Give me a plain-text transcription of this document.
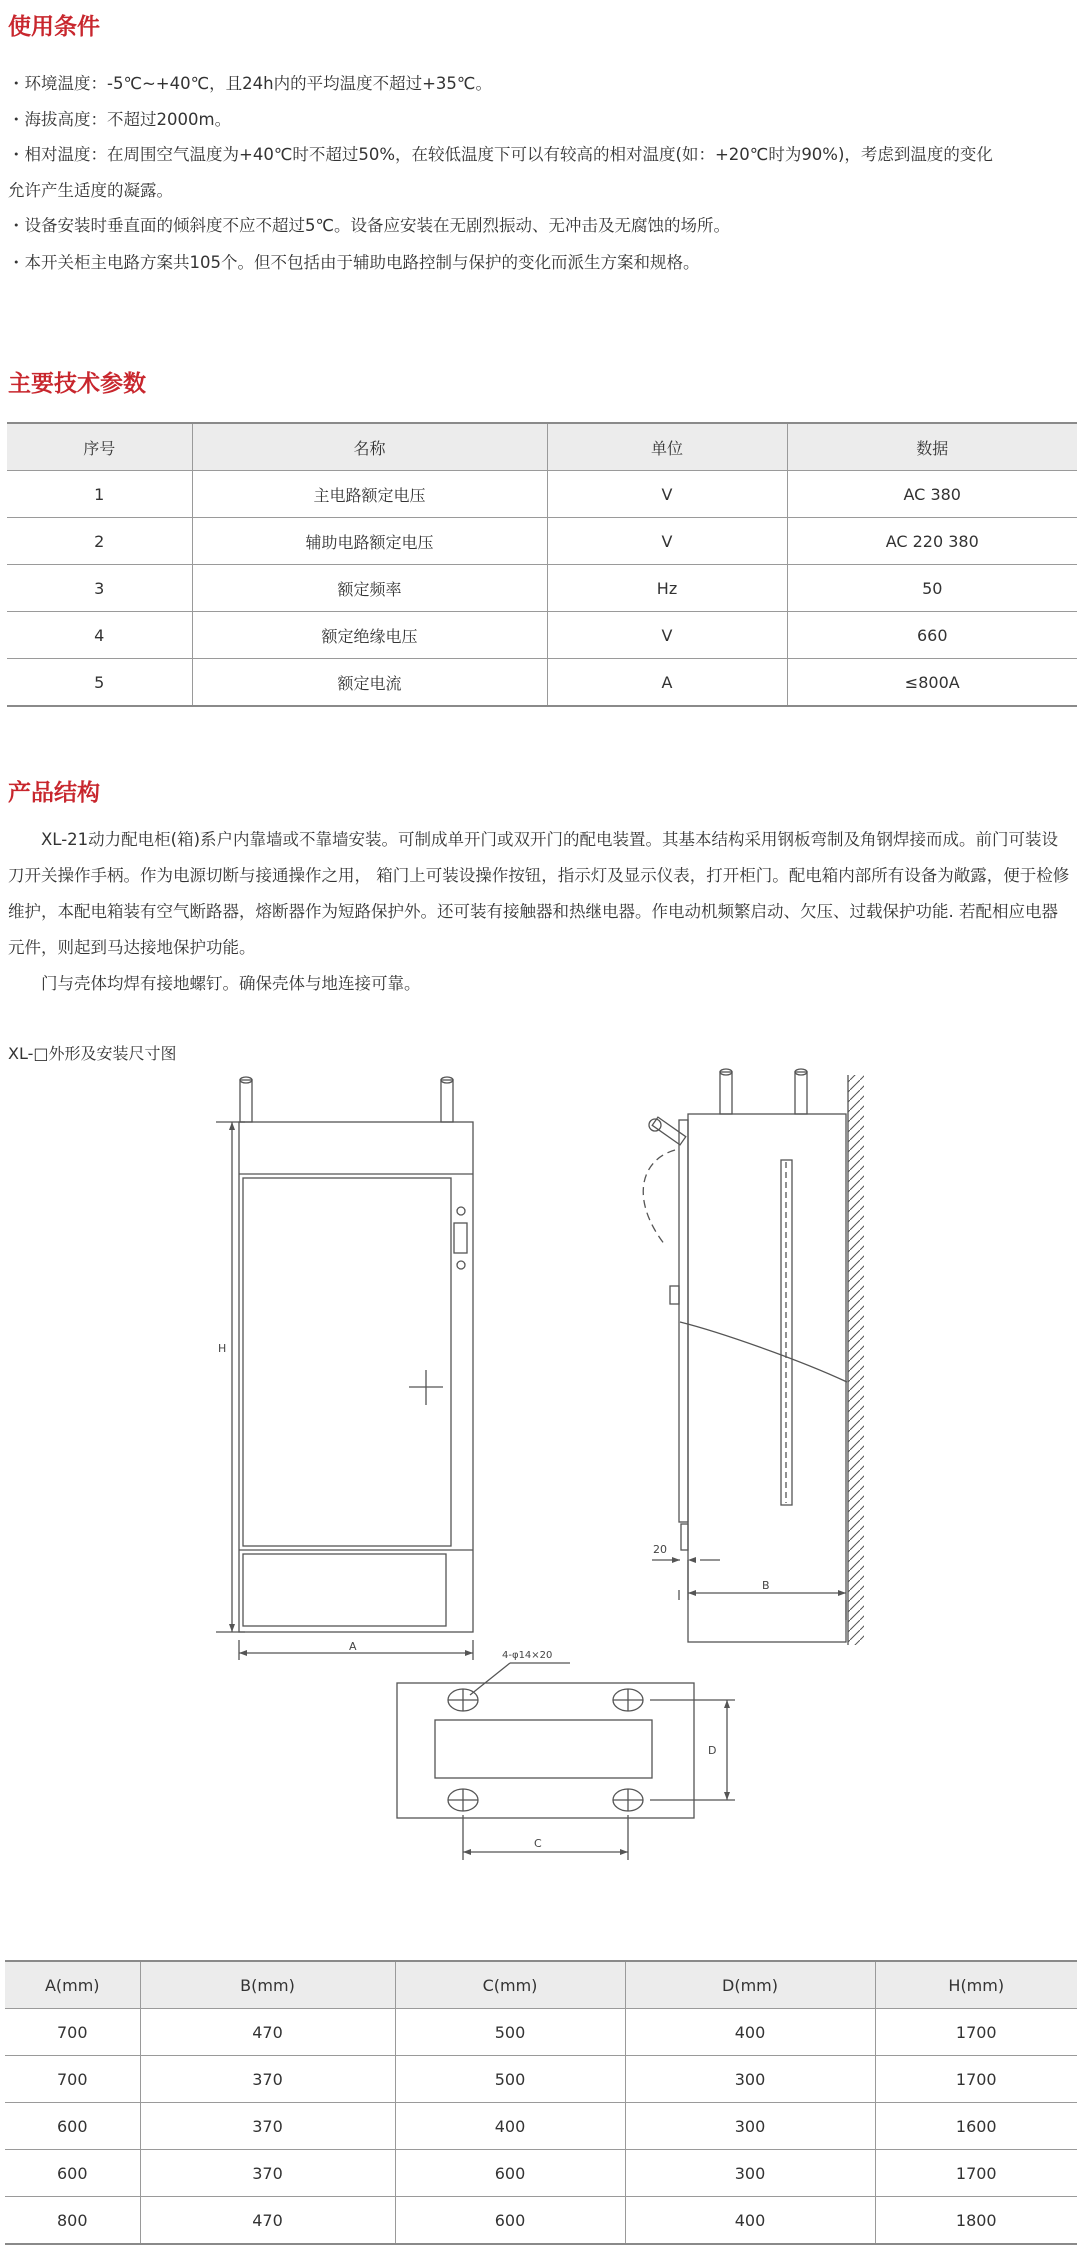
使用条件
・环境温度：-5℃~+40℃，且24h内的平均温度不超过+35℃。
・海拔高度：不超过2000m。
・相对温度：在周围空气温度为+40℃时不超过50%，在较低温度下可以有较高的相对温度(如：+20℃时为90%)，考虑到温度的变化
允许产生适度的凝露。
・设备安装时垂直面的倾斜度不应不超过5℃。设备应安装在无剧烈振动、无冲击及无腐蚀的场所。
・本开关柜主电路方案共105个。但不包括由于辅助电路控制与保护的变化而派生方案和规格。
主要技术参数
序号	名称	单位	数据
1	主电路额定电压	V	AC 380
2	辅助电路额定电压	V	AC 220 380
3	额定频率	Hz	50
4	额定绝缘电压	V	660
5	额定电流	A	≤800A
产品结构

XL-21动力配电柜(箱)系户内靠墙或不靠墙安装。可制成单开门或双开门的配电装置。其基本结构采用钢板弯制及角钢焊接而成。前门可装设刀开关操作手柄。作为电源切断与接通操作之用， 箱门上可装设操作按钮，指示灯及显示仪表，打开柜门。配电箱内部所有设备为敞露，便于检修维护，本配电箱装有空气断路器，熔断器作为短路保护外。还可装有接触器和热继电器。作电动机频繁启动、欠压、过载保护功能. 若配相应电器元件，则起到马达接地保护功能。

门与壳体均焊有接地螺钉。确保壳体与地连接可靠。

XL-□外形及安装尺寸图
H
A
B
20
D
C
4-φ14×20
A(mm)	B(mm)	C(mm)	D(mm)	H(mm)
700	470	500	400	1700
700	370	500	300	1700
600	370	400	300	1600
600	370	600	300	1700
800	470	600	400	1800
